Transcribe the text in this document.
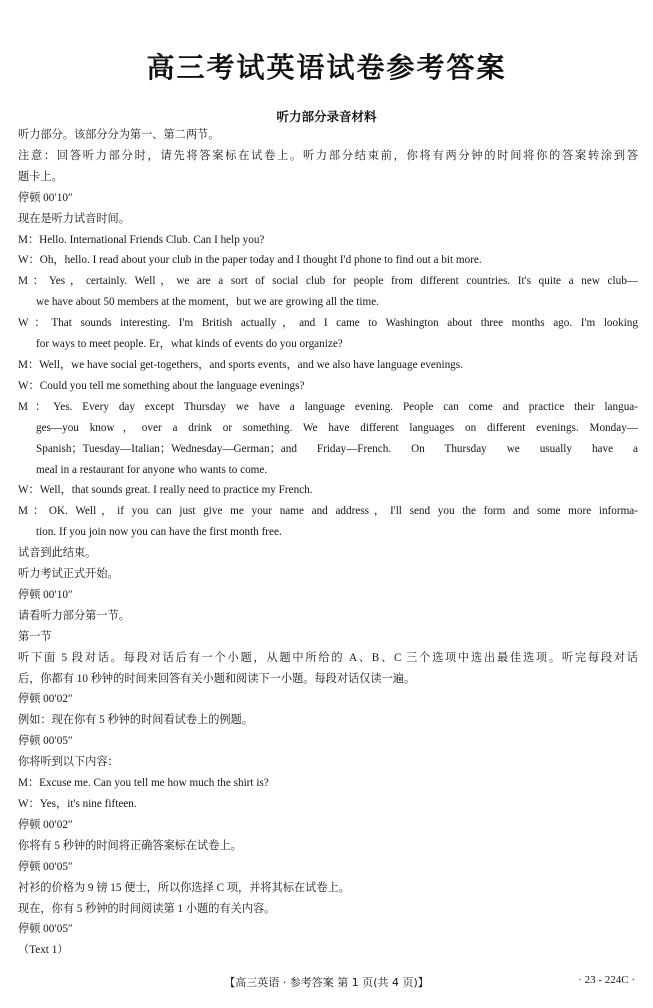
高三考试英语试卷参考答案
听力部分录音材料
听力部分。该部分分为第一、第二两节。
注意：回答听力部分时，请先将答案标在试卷上。听力部分结束前，你将有两分钟的时间将你的答案转涂到答
题卡上。
停顿 00′10″
现在是听力试音时间。
M：Hello. International Friends Club. Can I help you?
W：Oh，hello. I read about your club in the paper today and I thought I'd phone to find out a bit more.
M：Yes，certainly. Well，we are a sort of social club for people from different countries. It's quite a new club—
we have about 50 members at the moment，but we are growing all the time.
W：That sounds interesting. I'm British actually，and I came to Washington about three months ago. I'm looking
for ways to meet people. Er，what kinds of events do you organize?
M：Well，we have social get-togethers，and sports events，and we also have language evenings.
W：Could you tell me something about the language evenings?
M：Yes. Every day except Thursday we have a language evening. People can come and practice their langua-
ges—you know，over a drink or something. We have different languages on different evenings. Monday—
Spanish；Tuesday—Italian；Wednesday—German；and Friday—French. On Thursday we usually have a
meal in a restaurant for anyone who wants to come.
W：Well，that sounds great. I really need to practice my French.
M：OK. Well，if you can just give me your name and address，I'll send you the form and some more informa-
tion. If you join now you can have the first month free.
试音到此结束。
听力考试正式开始。
停顿 00′10″
请看听力部分第一节。
第一节
听下面 5 段对话。每段对话后有一个小题，从题中所给的 A、B、C 三个选项中选出最佳选项。听完每段对话
后，你都有 10 秒钟的时间来回答有关小题和阅读下一小题。每段对话仅读一遍。
停顿 00′02″
例如：现在你有 5 秒钟的时间看试卷上的例题。
停顿 00′05″
你将听到以下内容：
M：Excuse me. Can you tell me how much the shirt is?
W：Yes，it's nine fifteen.
停顿 00′02″
你将有 5 秒钟的时间将正确答案标在试卷上。
停顿 00′05″
衬衫的价格为 9 镑 15 便士，所以你选择 C 项，并将其标在试卷上。
现在，你有 5 秒钟的时间阅读第 1 小题的有关内容。
停顿 00′05″
（Text 1）
【高三英语 · 参考答案 第 1 页(共 4 页)】	· 23 - 224C ·
